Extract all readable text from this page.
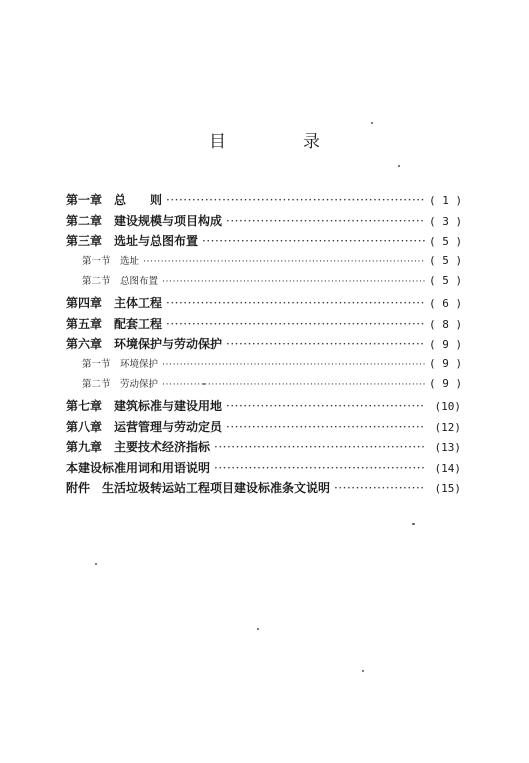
目　录
第一章　总　　则 ·····	( 1 )
第二章　建设规模与项目构成 ·····	( 3 )
第三章　选址与总图布置 ·····	( 5 )
第一节　选址 ·····	( 5 )
第二节　总图布置 ·····	( 5 )
第四章　主体工程 ·····	( 6 )
第五章　配套工程 ·····	( 8 )
第六章　环境保护与劳动保护 ·····	( 9 )
第一节　环境保护 ·····	( 9 )
第二节　劳动保护 ·····	( 9 )
第七章　建筑标准与建设用地 ·····	(10)
第八章　运营管理与劳动定员 ·····	(12)
第九章　主要技术经济指标 ·····	(13)
本建设标准用词和用语说明 ·····	(14)
附件　生活垃圾转运站工程项目建设标准条文说明 ·····	(15)
